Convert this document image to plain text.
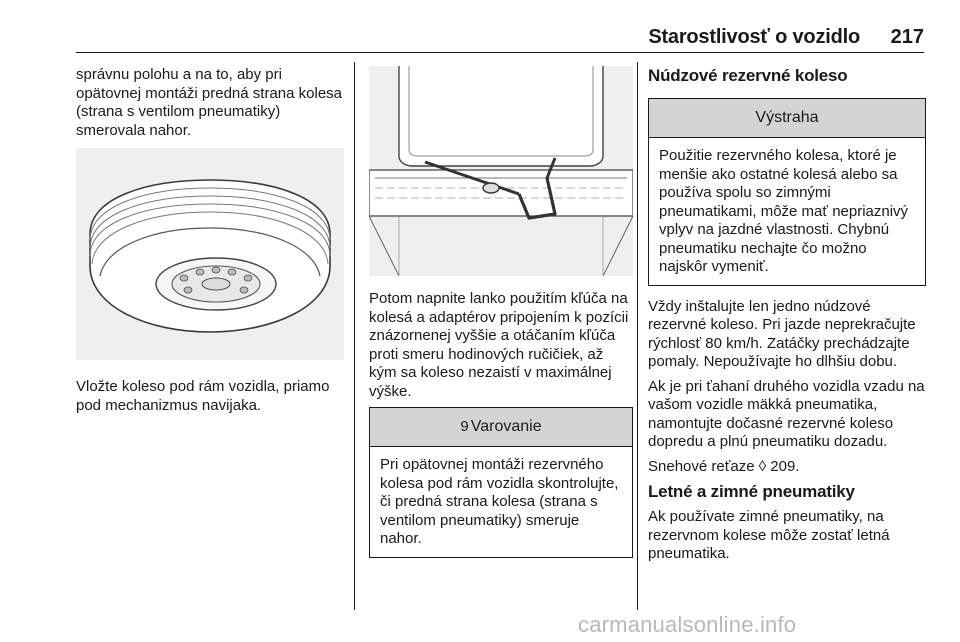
Starostlivosť o vozidlo 217

správnu polohu a na to, aby pri opätovnej montáži predná strana kolesa (strana s ventilom pneumatiky) smerovala nahor.

Vložte koleso pod rám vozidla, priamo pod mechanizmus navijaka.

Potom napnite lanko použitím kľúča na kolesá a adaptérov pripojením k pozícii znázornenej vyššie a otáčaním kľúča proti smeru hodinových ručičiek, až kým sa koleso nezaistí v maximálnej výške.

9 Varovanie

Pri opätovnej montáži rezervného kolesa pod rám vozidla skontrolujte, či predná strana kolesa (strana s ventilom pneumatiky) smeruje nahor.

Núdzové rezervné koleso
Výstraha

Použitie rezervného kolesa, ktoré je menšie ako ostatné kolesá alebo sa používa spolu so zimnými pneumatikami, môže mať nepriaznivý vplyv na jazdné vlastnosti. Chybnú pneumatiku nechajte čo možno najskôr vymeniť.

Vždy inštalujte len jedno núdzové rezervné koleso. Pri jazde neprekračujte rýchlosť 80 km/h. Zatáčky prechádzajte pomaly. Nepoužívajte ho dlhšiu dobu.

Ak je pri ťahaní druhého vozidla vzadu na vašom vozidle mäkká pneumatika, namontujte dočasné rezervné koleso dopredu a plnú pneumatiku dozadu.

Snehové reťaze ◊ 209.

Letné a zimné pneumatiky

Ak používate zimné pneumatiky, na rezervnom kolese môže zostať letná pneumatika.

carmanualsonline.info
